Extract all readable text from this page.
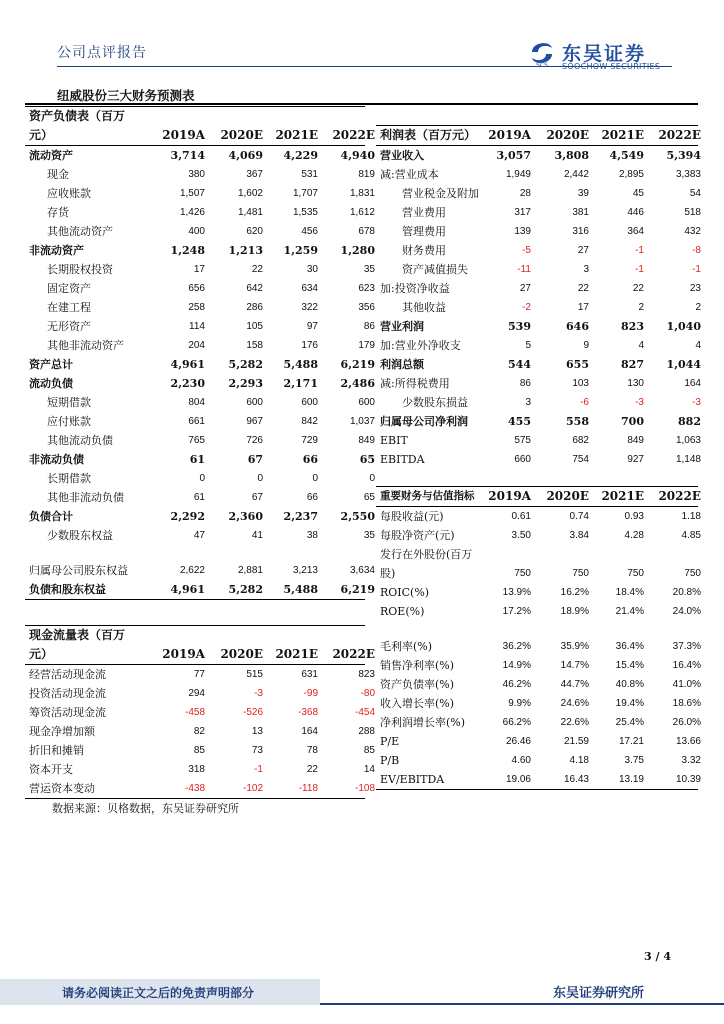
公司点评报告
SCS
东吴证券
SOOCHOW SECURITIES
纽威股份三大财务预测表
资产负债表（百万
元）	2019A	2020E	2021E	2022E
流动资产	3,714	4,069	4,229	4,940
现金	380	367	531	819
应收账款	1,507	1,602	1,707	1,831
存货	1,426	1,481	1,535	1,612
其他流动资产	400	620	456	678
非流动资产	1,248	1,213	1,259	1,280
长期股权投资	17	22	30	35
固定资产	656	642	634	623
在建工程	258	286	322	356
无形资产	114	105	97	86
其他非流动资产	204	158	176	179
资产总计	4,961	5,282	5,488	6,219
流动负债	2,230	2,293	2,171	2,486
短期借款	804	600	600	600
应付账款	661	967	842	1,037
其他流动负债	765	726	729	849
非流动负债	61	67	66	65
长期借款	0	0	0	0
其他非流动负债	61	67	66	65
负债合计	2,292	2,360	2,237	2,550
少数股东权益	47	41	38	35
归属母公司股东权益	2,622	2,881	3,213	3,634
负债和股东权益	4,961	5,282	5,488	6,219
利润表（百万元）	2019A	2020E	2021E	2022E
营业收入	3,057	3,808	4,549	5,394
减:营业成本	1,949	2,442	2,895	3,383
营业税金及附加	28	39	45	54
营业费用	317	381	446	518
管理费用	139	316	364	432
财务费用	-5	27	-1	-8
资产减值损失	-11	3	-1	-1
加:投资净收益	27	22	22	23
其他收益	-2	17	2	2
营业利润	539	646	823	1,040
加:营业外净收支	5	9	4	4
利润总额	544	655	827	1,044
减:所得税费用	86	103	130	164
少数股东损益	3	-6	-3	-3
归属母公司净利润	455	558	700	882
EBIT	575	682	849	1,063
EBITDA	660	754	927	1,148
重要财务与估值指标	2019A	2020E	2021E	2022E
每股收益(元)	0.61	0.74	0.93	1.18
每股净资产(元)	3.50	3.84	4.28	4.85
发行在外股份(百万
股)	750	750	750	750
ROIC(%)	13.9%	16.2%	18.4%	20.8%
ROE(%)	17.2%	18.9%	21.4%	24.0%
毛利率(%)	36.2%	35.9%	36.4%	37.3%
销售净利率(%)	14.9%	14.7%	15.4%	16.4%
资产负债率(%)	46.2%	44.7%	40.8%	41.0%
收入增长率(%)	9.9%	24.6%	19.4%	18.6%
净利润增长率(%)	66.2%	22.6%	25.4%	26.0%
P/E	26.46	21.59	17.21	13.66
P/B	4.60	4.18	3.75	3.32
EV/EBITDA	19.06	16.43	13.19	10.39
现金流量表（百万
元）	2019A	2020E	2021E	2022E
经营活动现金流	77	515	631	823
投资活动现金流	294	-3	-99	-80
筹资活动现金流	-458	-526	-368	-454
现金净增加额	82	13	164	288
折旧和摊销	85	73	78	85
资本开支	318	-1	22	14
营运资本变动	-438	-102	-118	-108
数据来源：贝格数据，东吴证券研究所
3 / 4
请务必阅读正文之后的免责声明部分	东吴证券研究所
